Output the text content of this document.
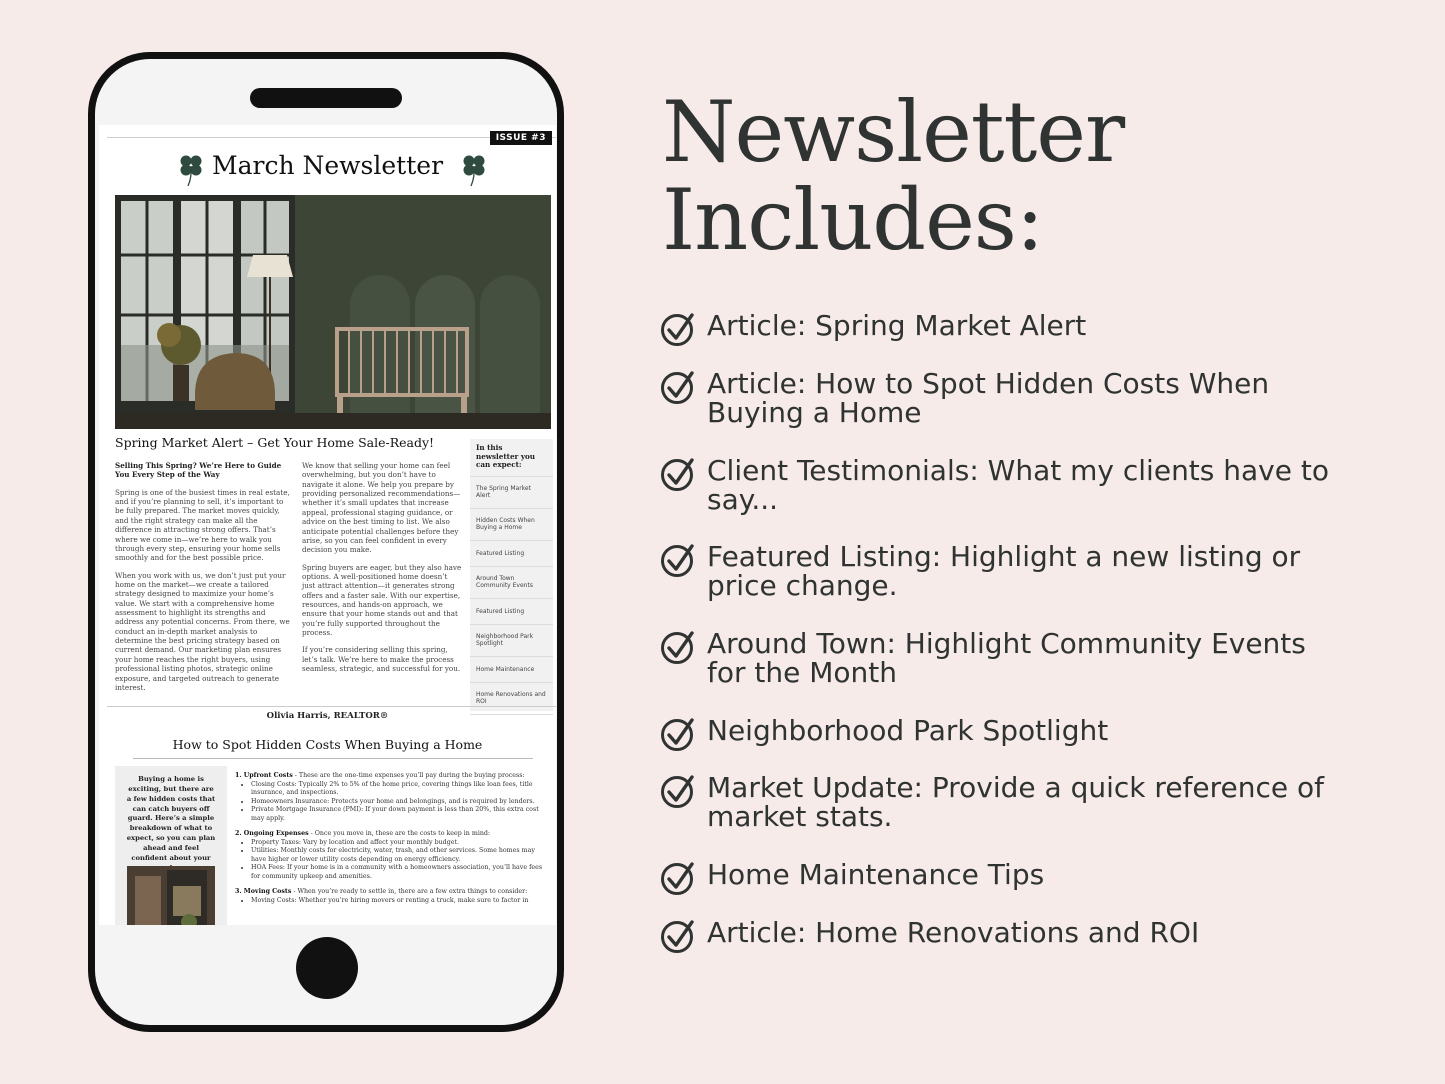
ISSUE #3
March Newsletter
Spring Market Alert – Get Your Home Sale-Ready!
Selling This Spring? We’re Here to Guide You Every Step of the Way

Spring is one of the busiest times in real estate, and if you’re planning to sell, it’s important to be fully prepared. The market moves quickly, and the right strategy can make all the difference in attracting strong offers. That’s where we come in—we’re here to walk you through every step, ensuring your home sells smoothly and for the best possible price.

When you work with us, we don’t just put your home on the market—we create a tailored strategy designed to maximize your home’s value. We start with a comprehensive home assessment to highlight its strengths and address any potential concerns. From there, we conduct an in-depth market analysis to determine the best pricing strategy based on current demand. Our marketing plan ensures your home reaches the right buyers, using professional listing photos, strategic online exposure, and targeted outreach to generate interest.

We know that selling your home can feel overwhelming, but you don’t have to navigate it alone. We help you prepare by providing personalized recommendations—whether it’s small updates that increase appeal, professional staging guidance, or advice on the best timing to list. We also anticipate potential challenges before they arise, so you can feel confident in every decision you make.

Spring buyers are eager, but they also have options. A well-positioned home doesn’t just attract attention—it generates strong offers and a faster sale. With our expertise, resources, and hands-on approach, we ensure that your home stands out and that you’re fully supported throughout the process.

If you’re considering selling this spring, let’s talk. We’re here to make the process seamless, strategic, and successful for you.

In this newsletter you can expect:
The Spring Market Alert
Hidden Costs When Buying a Home
Featured Listing
Around Town Community Events
Featured Listing
Neighborhood Park Spotlight
Home Maintenance
Home Renovations and ROI
Olivia Harris, REALTOR®
How to Spot Hidden Costs When Buying a Home
Buying a home is exciting, but there are a few hidden costs that can catch buyers off guard. Here’s a simple breakdown of what to expect, so you can plan ahead and feel confident about your
1. Upfront Costs - These are the one-time expenses you’ll pay during the buying process:
• Closing Costs: Typically 2% to 5% of the home price, covering things like loan fees, title insurance, and inspections.
• Homeowners Insurance: Protects your home and belongings, and is required by lenders.
• Private Mortgage Insurance (PMI): If your down payment is less than 20%, this extra cost may apply.
2. Ongoing Expenses - Once you move in, these are the costs to keep in mind:
• Property Taxes: Vary by location and affect your monthly budget.
• Utilities: Monthly costs for electricity, water, trash, and other services. Some homes may have higher or lower utility costs depending on energy efficiency.
• HOA Fees: If your home is in a community with a homeowners association, you’ll have fees for community upkeep and amenities.
3. Moving Costs - When you’re ready to settle in, there are a few extra things to consider:
• Moving Costs: Whether you’re hiring movers or renting a truck, make sure to factor in
Newsletter
Includes:
Article: Spring Market Alert
Article: How to Spot Hidden Costs When Buying a Home
Client Testimonials: What my clients have to say...
Featured Listing: Highlight a new listing or price change.
Around Town: Highlight Community Events for the Month
Neighborhood Park Spotlight
Market Update: Provide a quick reference of market stats.
Home Maintenance Tips
Article: Home Renovations and ROI
